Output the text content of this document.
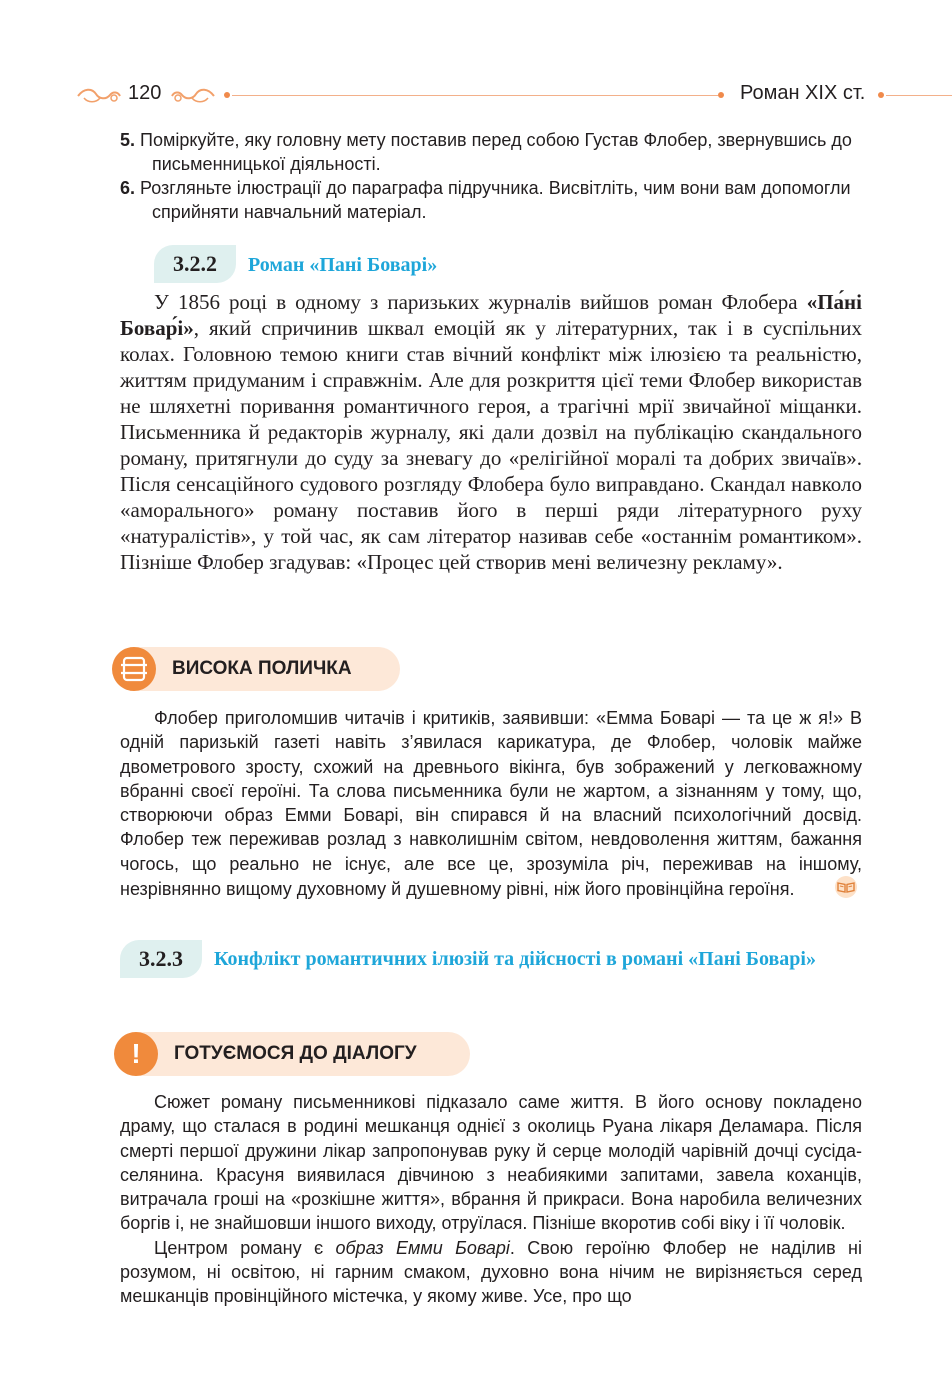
120	Роман XIX ст.
5. Поміркуйте, яку головну мету поставив перед собою Густав Флобер, звернувшись до письменницької діяльності.
6. Розгляньте ілюстрації до параграфа підручника. Висвітліть, чим вони вам допомогли сприйняти навчальний матеріал.
3.2.2	Роман «Пані Боварі»

У 1856 році в одному з паризьких журналів вийшов роман Флобера «Па́ні Бовар́і», який спричинив шквал емоцій як у літературних, так і в суспільних колах. Головною темою книги став вічний конфлікт між ілюзією та реальністю, життям придуманим і справжнім. Але для розкриття цієї теми Флобер використав не шляхетні поривання романтичного героя, а трагічні мрії звичайної міщанки. Письменника й редакторів журналу, які дали дозвіл на публікацію скандального роману, притягнули до суду за зневагу до «релігійної моралі та добрих звичаїв». Після сенсаційного судового розгляду Флобера було виправдано. Скандал навколо «аморального» роману поставив його в перші ряди літературного руху «натуралістів», у той час, як сам літератор називав себе «останнім романтиком». Пізніше Флобер згадував: «Процес цей створив мені величезну рекламу».

ВИСОКА ПОЛИЧКА

Флобер приголомшив читачів і критиків, заявивши: «Емма Боварі — та це ж я!» В одній паризькій газеті навіть з’явилася карикатура, де Флобер, чоловік майже двометрового зросту, схожий на древнього вікінга, був зображений у легковажному вбранні своєї героїні. Та слова письменника були не жартом, а зізнанням у тому, що, створюючи образ Емми Боварі, він спирався й на власний психологічний досвід. Флобер теж переживав розлад з навколишнім світом, невдоволення життям, бажання чогось, що реально не існує, але все це, зрозуміла річ, переживав на іншому, незрівнянно вищому духовному й душевному рівні, ніж його провінційна героїня.

3.2.3	Конфлікт романтичних ілюзій та дійсності в романі «Пані Боварі»
!	ГОТУЄМОСЯ ДО ДІАЛОГУ

Сюжет роману письменникові підказало саме життя. В його основу покладено драму, що сталася в родині мешканця однієї з околиць Руана лікаря Деламара. Після смерті першої дружини лікар запропонував руку й серце молодій чарівній дочці сусіда-селянина. Красуня виявилася дівчиною з неабиякими запитами, завела коханців, витрачала гроші на «розкішне життя», вбрання й прикраси. Вона наробила величезних боргів і, не знайшовши іншого виходу, отруїлася. Пізніше вкоротив собі віку і її чоловік.

Центром роману є образ Емми Боварі. Свою героїню Флобер не наділив ні розумом, ні освітою, ні гарним смаком, духовно вона нічим не вирізняється серед мешканців провінційного містечка, у якому живе. Усе, про що
